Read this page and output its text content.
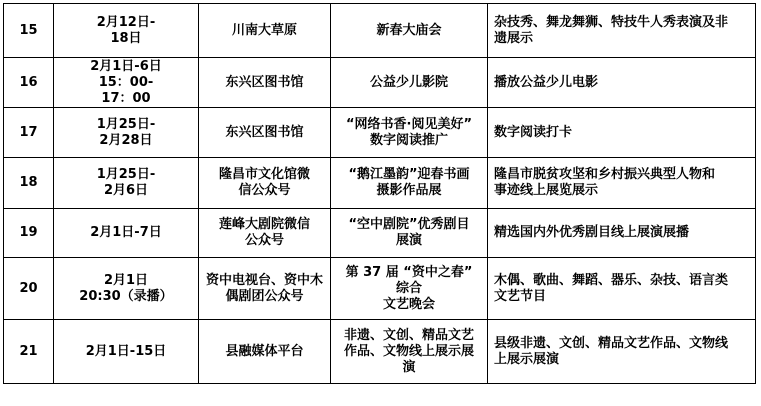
15	2月12日-
18日	川南大草原	新春大庙会	杂技秀、舞龙舞狮、特技牛人秀表演及非
遗展示

16	2月1日-6日
15：00-
17：00	东兴区图书馆	公益少儿影院	播放公益少儿电影

17	1月25日-
2月28日	东兴区图书馆	“网络书香·阅见美好”
数字阅读推广	数字阅读打卡

18	1月25日-
2月6日	隆昌市文化馆微
信公众号	“鹅江墨韵”迎春书画
摄影作品展	隆昌市脱贫攻坚和乡村振兴典型人物和
事迹线上展览展示

19	2月1日-7日	莲峰大剧院微信
公众号	“空中剧院”优秀剧目
展演	精选国内外优秀剧目线上展演展播

20	2月1日
20:30（录播）	资中电视台、资中木
偶剧团公众号	第 37 届 “资中之春”
综合
文艺晚会	木偶、歌曲、舞蹈、器乐、杂技、语言类
文艺节目

21	2月1日-15日	县融媒体平台	非遗、文创、精品文艺
作品、文物线上展示展
演	县级非遗、文创、精品文艺作品、文物线
上展示展演
